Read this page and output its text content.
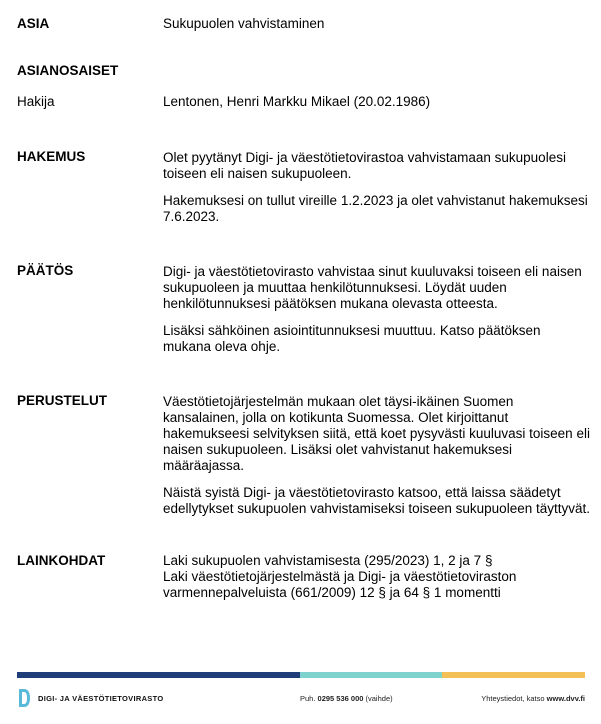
ASIA	Sukupuolen vahvistaminen

ASIANOSAISET
Hakija	Lentonen, Henri Markku Mikael (20.02.1986)

HAKEMUS	Olet pyytänyt Digi- ja väestötietovirastoa vahvistamaan sukupuolesi toiseen eli naisen sukupuoleen.

Hakemuksesi on tullut vireille 1.2.2023 ja olet vahvistanut hakemuksesi 7.6.2023.

PÄÄTÖS	Digi- ja väestötietovirasto vahvistaa sinut kuuluvaksi toiseen eli naisen sukupuoleen ja muuttaa henkilötunnuksesi. Löydät uuden henkilötunnuksesi päätöksen mukana olevasta otteesta.

Lisäksi sähköinen asiointitunnuksesi muuttuu. Katso päätöksen mukana oleva ohje.

PERUSTELUT	Väestötietojärjestelmän mukaan olet täysi-ikäinen Suomen kansalainen, jolla on kotikunta Suomessa. Olet kirjoittanut hakemukseesi selvityksen siitä, että koet pysyvästi kuuluvasi toiseen eli naisen sukupuoleen. Lisäksi olet vahvistanut hakemuksesi määräajassa.

Näistä syistä Digi- ja väestötietovirasto katsoo, että laissa säädetyt edellytykset sukupuolen vahvistamiseksi toiseen sukupuoleen täyttyvät.

LAINKOHDAT	Laki sukupuolen vahvistamisesta (295/2023) 1, 2 ja 7 §

Laki väestötietojärjestelmästä ja Digi- ja väestötietoviraston varmennepalveluista (661/2009) 12 § ja 64 § 1 momentti

DIGI- JA VÄESTÖTIETOVIRASTO	Puh. 0295 536 000 (vaihde)	Yhteystiedot, katso www.dvv.fi
